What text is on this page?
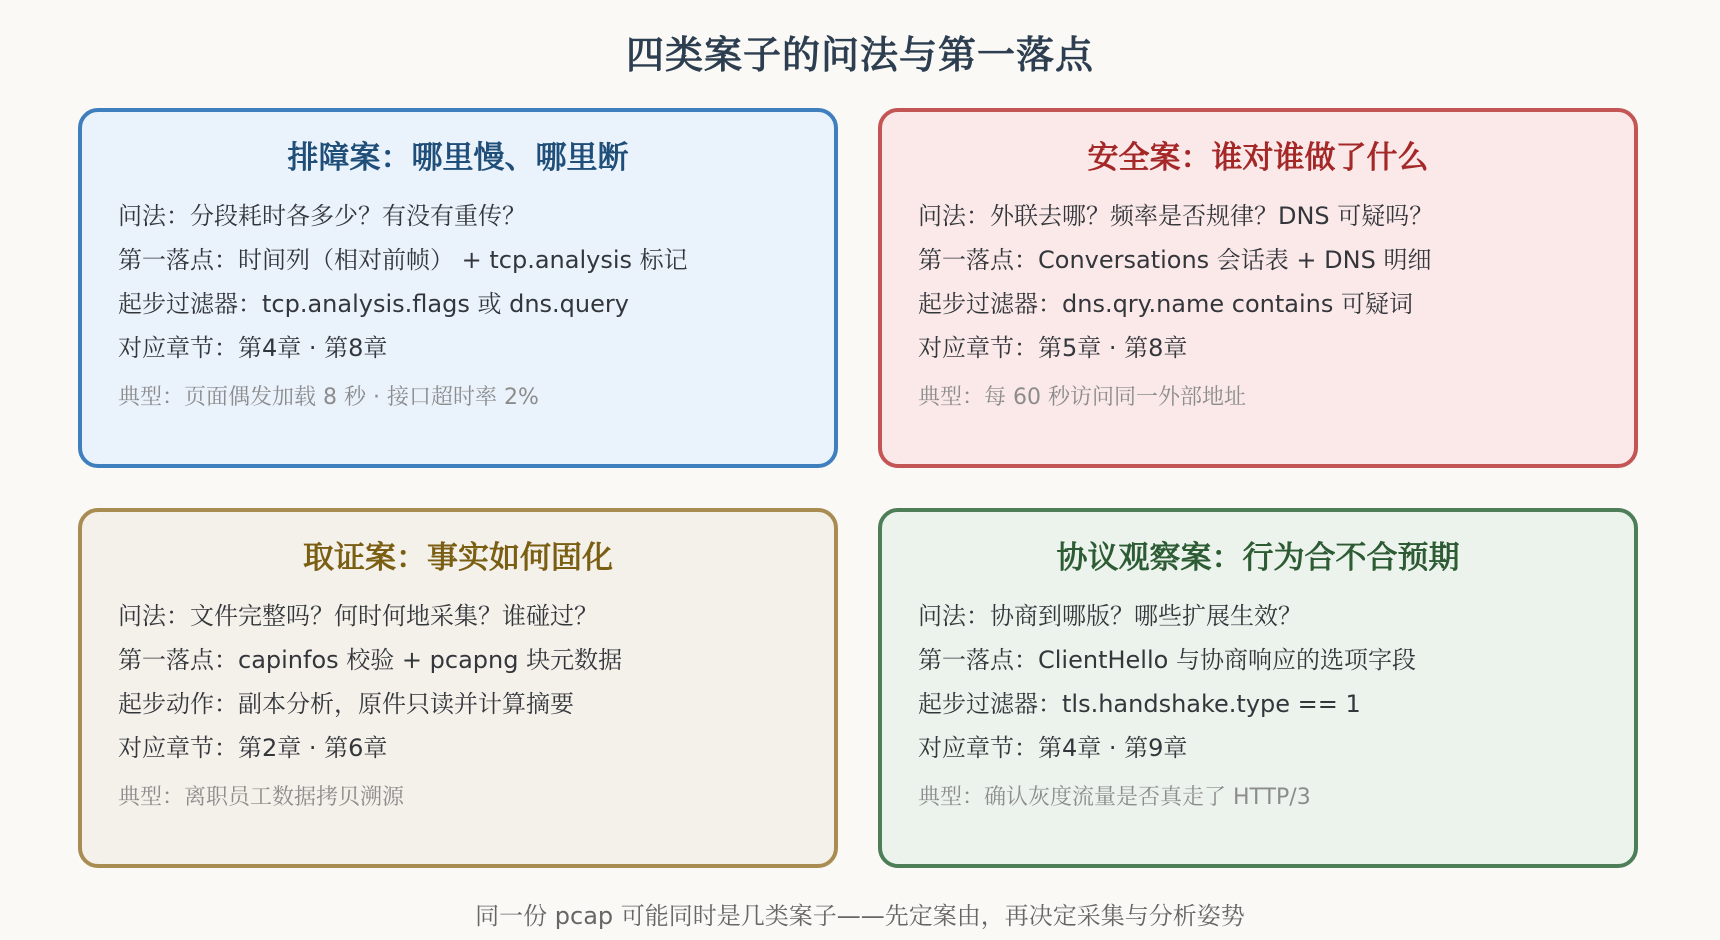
四类案子的问法与第一落点
排障案：哪里慢、哪里断
问法：分段耗时各多少？有没有重传？
第一落点：时间列（相对前帧） + tcp.analysis 标记
起步过滤器：tcp.analysis.flags 或 dns.query
对应章节：第4章 · 第8章
典型：页面偶发加载 8 秒 · 接口超时率 2%
安全案：谁对谁做了什么
问法：外联去哪？频率是否规律？DNS 可疑吗？
第一落点：Conversations 会话表 + DNS 明细
起步过滤器：dns.qry.name contains 可疑词
对应章节：第5章 · 第8章
典型：每 60 秒访问同一外部地址
取证案：事实如何固化
问法：文件完整吗？何时何地采集？谁碰过？
第一落点：capinfos 校验 + pcapng 块元数据
起步动作：副本分析，原件只读并计算摘要
对应章节：第2章 · 第6章
典型：离职员工数据拷贝溯源
协议观察案：行为合不合预期
问法：协商到哪版？哪些扩展生效？
第一落点：ClientHello 与协商响应的选项字段
起步过滤器：tls.handshake.type == 1
对应章节：第4章 · 第9章
典型：确认灰度流量是否真走了 HTTP/3
同一份 pcap 可能同时是几类案子——先定案由，再决定采集与分析姿势
